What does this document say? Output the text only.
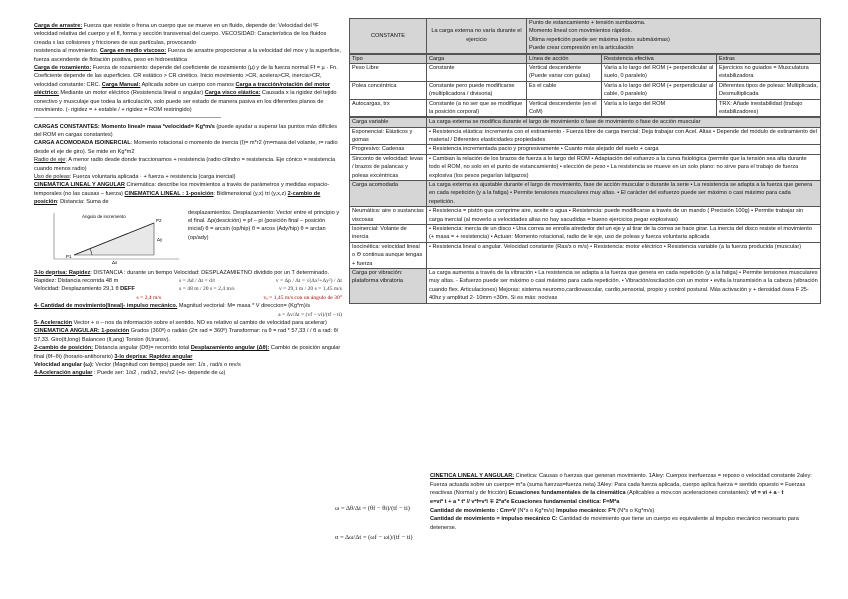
Carga de arrastre: Fuerza que resiste o frena un cuerpo que se mueve en un fluido, depende de: Velocidad del ºF velocidad relativa del cuerpo y el fl, forma y sección transversal del cuerpo. VECOSIDAD: Característica de los fluidos creada x las colisiones y fricciones de sus partículas, provocando

resistencia al movimiento. Carga en medio viscoso: Fuerza de arrastre proporcionar a la velocidad del mov y la superficie, fuerza ascendente de flotación positiva, peso en hidroestática

Carga de rozamiento: Fuerza de rozamiento: depende del coeficiente de rozamiento (µ) y de la fuerza normal Ff = µ · Fn. Coeficiente depende de las superficies. CR estático > CR cinético. Inicio movimiento >CR, acelera>CR, inercia>CR, velocidad constante: CRC. Carga Manual: Aplicada sobre un cuerpo con manos Carga a tracción/rotación del motor eléctrico: Mediante un motor eléctrico (Resistencia lineal o angular) Carga visco elástica: Causada x la rigidez del tejido conectivo y musculaje que todea la articulación, solo puede ser estado de manera pasiva en los diferentes planos de movimiento. (- rigidez = + estable / + rigidez = ROM restringido)

-----------------------------------------------------------------------------------------------------------------------------------------

CARGAS CONSTANTES: Momento lineal= masa *velocidad= Kg*m/s (puede ayudar a superar las puntos más difíciles del ROM en cargas constantes)

CARGA ACOMODADA ISOINERCIAL: Momento rotacional o momento de inercia (I)= m*r2 (m=masa del volante, r= radio desde el eje de giro). Se mide en Kg*m2

Radio de eje: A menor radio desde donde traccionamos + resistencia (radio cilindro = resistencia. Eje cónico = resistencia cuando menos radio)

Uso de poleas: Fuerza voluntaria aplicada · + fuerza + resistencia (carga inercial)

CINEMÁTICA LINEAL Y ANGULAR Cinemática: describe los movimientos a través de parámetros y medidas espacio-temporales (no las causas – fuerza) CINEMATICA LINEAL : 1-posición: Bidimensional (y,x) tri (y,x,z) 2-cambio de posición: Distancia: Suma de

Ángulo de incremento
P2
P1
Δx
Δy
desplazamientos. Desplazamiento: Vector entre el principio y el final. Δp(descición) = pf – pi (posición final – posición inicial) θ = arcsin (op/hip) θ = arcos (Ady/hip) θ = arctan (op/ady)

3-lo deprisa: Rapidez: DISTANCIA : durante un tiempo Velocidad: DESPLAZAMIETNO dividido por un T determinado.

Rapidez: Distancia recorrida 48 m	s = Δd / Δt = d/t	v = Δp / Δt = √(Δx²+Δy²) / Δt
Velocidad: Desplazamiento 29,1 θ DEFF	s = 48 m / 20 s = 2,4 m/s	v = 29,1 m / 20 s = 1,45 m/s
s = 2,4 m/s	vₑ = 1,45 m/s con un ángulo de 30°

4- Cantidad de movimiento(lineal)- impulso mecánico. Magnitud vectorial: M= masa * V direccion= (Kg*m)/s

a = Δv/Δt = (vf − vi)/(tf − ti)

5- Aceleración Vector + o – nos da información sobre el sentido. NO es relativo al cambio de velocidad para acelerar)

CINEMATICA ANGULAR: 1-posición Grados (360º) o radián (2π rad = 360º) Transformar: ra θ = rad * 57,33 / / θ a rad: θ/ 57,33. Giro(lt,long) Balanceo (lt,ang) Torsion (lt,transv).

2-cambio de posición: Distancia angular (Dθ)= recorrido total Desplazamiento angular (Δθ): Cambio de posición angular final (θf−θi) (horario-antihorario) 3-lo deprisa: Rapidez angular

Velocidad angular (ω): Vector (Magnitud con tiempo) puede ser: 1/s , rad/s o rev/s

4-Aceleración angular : Puede ser: 1/s2 , rad/s2, rev/s2 (+o- depende de ω)

CONSTANTE	La carga externa no varía durante el ejercicio	
Punto de estancamiento + tensión sumbaxima.
Momento lineal con movimientos rápidos.
Última repetición puede ser máxima (estos submáximas)
Puede crear compresión en la articulación
Tipo	Carga	Línea de acción	Resistencia efectiva	Extras
Peso Libre	Constante	Vertical descendente (Puede variar con guías)	Varía a lo largo del ROM (+ perpendicular al suelo, 0 paralelo)	Ejercicios no guiados = Musculatura estabilizadora
Polea concéntrica	Constante pero puede modificarse (multiplicadora / divisoria)	Es el cable	Varía a lo largo del ROM (+ perpendicular al cable, 0 paralelo)	Diferentes tipos de poleas: Multiplicada, Desmultiplicada
Autocargas, trx	Constante (a no ser que se modifique la posición corporal)	Vertical descendente (en el CoM)	Varía a lo largo del ROM	TRX: Añade inestabilidad (trabajo estabilizadores)
Carga variable	La carga externa se modifica durante el largo de movimiento o fase de movimiento o fase de acción muscular
Exponencial: Elásticos y gomas	• Resistencia elástica: incrementa con el estiramiento - Fuerza libre de carga inercial: Deja trabajar con Acel. Altas • Depende del módulo de estiramiento del material / Diferentes elasticidades propiedades
Progresivo: Cadenas	• Resistencia incrementada pacio y progresivamente • Cuanto más alejado del suelo + carga
Sinconto de velocidad: levas / brazos de palancas y poleas excéntricas	• Cambian la relación de los brazos de fuerza a lo largo del ROM • Adaptación del esfuerzo a la curva fisiológica (permite que la tensión sea alta durante todo el ROM, no solo en el punto de estancamiento) • elección de peso • La resistencia se mueve en un solo plano: no sirve para el trabajo de fuerza explosiva (los pesos pegarían latigazos)
Carga acomodada	La carga externa es ajustable durante el largo de movimiento, fase de acción muscular o durante la serie • La resistencia se adapta a la fuerza que genera en cada repetición (y a la fatiga) • Permite tensiones musculares muy altas. • El carácter del esfuerzo puede ser máximo o casi máximo para cada repetición.
Neumática: aire o sustancias viscosas	• Resistencia = pistón que comprime aire, aceite o agua • Resistencia: puede modificarse a través de un mando ( Precisión 100g) • Permite trabajar sin carga inercial (al moverlo a velocidades altas no hay sacudidas = bueno ejercicios pegar explosivas)
Isoinercial: Volante de inercia	• Resistencia: inercia de un disco • Una correa se enrolla alrededor del un eje y al tirar de la correa se hace girar. La inercia del disco resiste el movimiento (+ masa = + resistencia) • Actuan: Momento rotacional, radio de le eje, uso de poleas y fuerza voluntaria aplicada
Isocinética: velocidad lineal o Θ continua aunque tengas + fuerza	• Resistencia lineal o angular. Velocidad constante (Ras/s o m/s) • Resistencia: motor eléctrico • Resistencia variable (a la fuerza producida (muscular)
Carga por vibración: plataforma vibratoria	La carga aumenta a través de la vibración • La resistencia se adapta a la fuerza que genera en cada repetición (y a la fatiga) • Permite tensiones musculares muy altas. - Esfuerzo puede ser máximo o casi máximo para cada repetición. • Vibración/oscilación con un motor • evita la transmisión a la cabeza (vibración cuando flex. Articulaciones) Mejoras: sistema neuromo,cardiovascular, cardio,sensorial, propio y control postural. Más activación y + densidad ósea F 25-40hz y amplitud 2- 10mm <30m. Si es más: nocivas
CINETICA LINEAL Y ANGULAR: Cinetica: Causas o fuerzas que generan movimiento. 1Aley: Cuerpos inerfuerzas = reposo o velocidad constante 2aley: Fuerza actuada sobre un cuerpo= m*a (suma fuerzas=fuerza neta) 3Aley: Para cada fuerza aplicada, cuerpo aplica fuerza = sentido opuesto = Fuerzas reactivas (Normal y de fricción) Ecuaciones fundamentales de la cinemática (Aplicables a mov.con aceleraciones constantes): vf = vi + a · t
e=vi* t + a * t² // v²f=v²i ∓ 2*a*e Ecuaciones fundamental cinética: F=M*a
Cantidad de movimiento : Cm=V (N*s o Kg*m/s) Impulso mecánico: F*t (N*s o Kg*m/s)
Cantidad de movimiento = impulso mecánico C: Cantidad de movimiento que tiene un cuerpo es equivalente al impulso mecánico necesario para detenerse.
ω = Δθ/Δt = (θf − θi)/(tf − ti)
α = Δω/Δt = (ωf − ωi)/(tf − ti)
